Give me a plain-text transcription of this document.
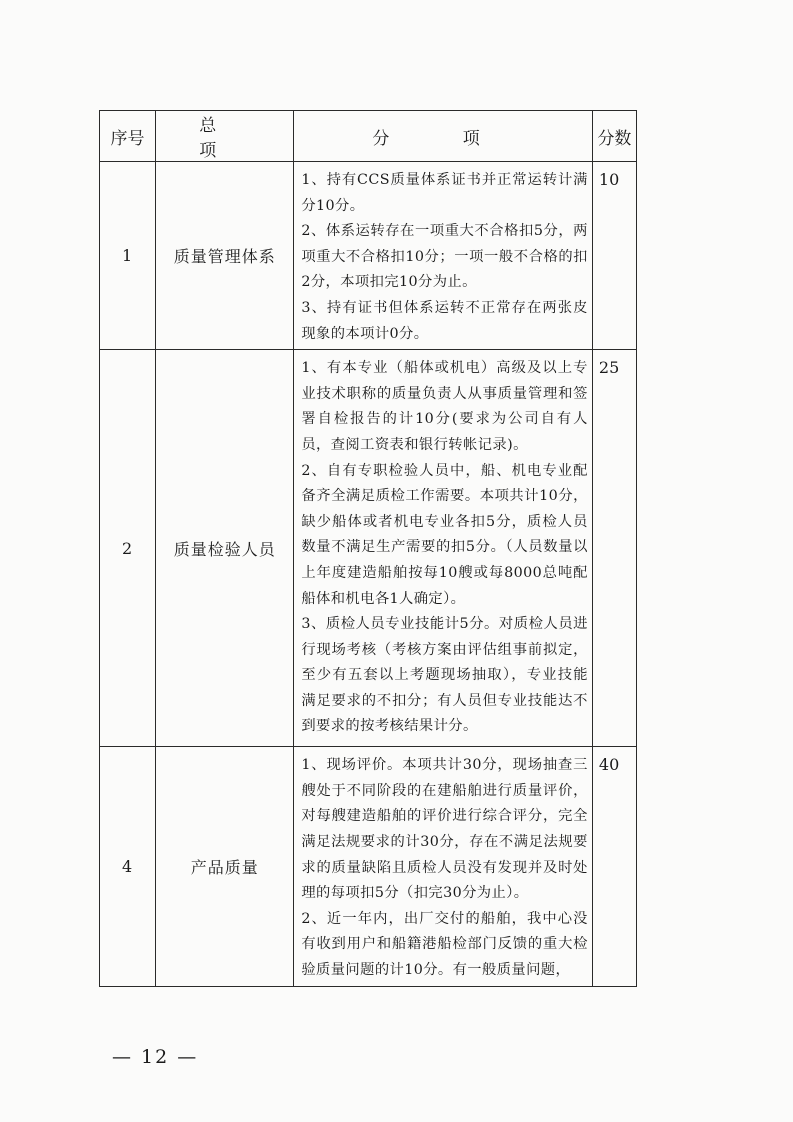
序号	总 项	分 项	分数
1	质量管理体系	1、持有CCS质量体系证书并正常运转计满分10分。

2、体系运转存在一项重大不合格扣5分，两项重大不合格扣10分；一项一般不合格的扣2分，本项扣完10分为止。

3、持有证书但体系运转不正常存在两张皮现象的本项计0分。	10
2	质量检验人员	1、有本专业（船体或机电）高级及以上专业技术职称的质量负责人从事质量管理和签署自检报告的计10分(要求为公司自有人员，查阅工资表和银行转帐记录)。

2、自有专职检验人员中，船、机电专业配备齐全满足质检工作需要。本项共计10分，缺少船体或者机电专业各扣5分，质检人员数量不满足生产需要的扣5分。（人员数量以上年度建造船舶按每10艘或每8000总吨配船体和机电各1人确定）。

3、质检人员专业技能计5分。对质检人员进行现场考核（考核方案由评估组事前拟定，至少有五套以上考题现场抽取），专业技能满足要求的不扣分；有人员但专业技能达不到要求的按考核结果计分。	25
4	产品质量	1、现场评价。本项共计30分，现场抽查三艘处于不同阶段的在建船舶进行质量评价，对每艘建造船舶的评价进行综合评分，完全满足法规要求的计30分，存在不满足法规要求的质量缺陷且质检人员没有发现并及时处理的每项扣5分（扣完30分为止）。

2、近一年内，出厂交付的船舶，我中心没有收到用户和船籍港船检部门反馈的重大检验质量问题的计10分。有一般质量问题，	40
— 12 —
